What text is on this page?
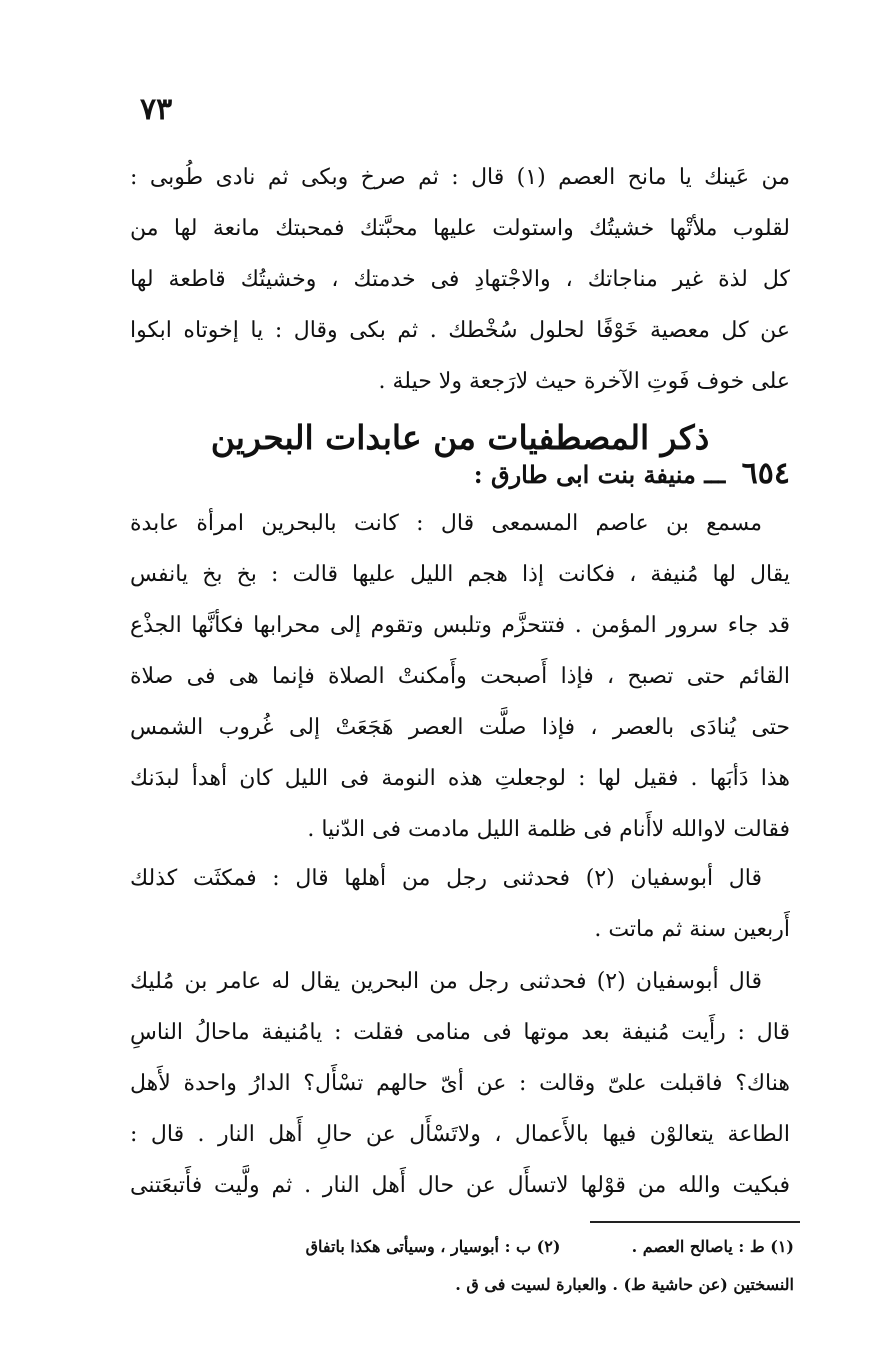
٧٣
من عَينك يا مانح العصم (١) قال : ثم صرخ وبكى ثم نادى طُوبى :
لقلوب ملأتْها خشيتُك واستولت عليها محبَّتك فمحبتك مانعة لها من
كل لذة غير مناجاتك ، والاجْتهادِ فى خدمتك ، وخشيتُك قاطعة لها
عن كل معصية خَوْفًا لحلول سُخْطك . ثم بكى وقال : يا إخوتاه ابكوا
على خوف فَوتِ الآخرة حيث لارَجعة ولا حيلة .
ذكر المصطفيات من عابدات البحرين
٦٥٤ ـــ منيفة بنت ابى طارق :
مسمع بن عاصم المسمعى قال : كانت بالبحرين امرأة عابدة
يقال لها مُنيفة ، فكانت إذا هجم الليل عليها قالت : بخ بخ يانفس
قد جاء سرور المؤمن . فتتحزَّم وتلبس وتقوم إلى محرابها فكأنَّها الجذْع
القائم حتى تصبح ، فإذا أَصبحت وأَمكنتْ الصلاة فإنما هى فى صلاة
حتى يُنادَى بالعصر ، فإذا صلَّت العصر هَجَعَتْ إلى غُروب الشمس
هذا دَأبَها . فقيل لها : لوجعلتِ هذه النومة فى الليل كان أهدأ لبدَنك
فقالت لاوالله لاأَنام فى ظلمة الليل مادمت فى الدّنيا .
قال أبوسفيان (٢) فحدثنى رجل من أهلها قال : فمكثَت كذلك
أَربعين سنة ثم ماتت .
قال أبوسفيان (٢) فحدثنى رجل من البحرين يقال له عامر بن مُليك
قال : رأَيت مُنيفة بعد موتها فى منامى فقلت : يامُنيفة ماحالُ الناسِ
هناك؟ فاقبلت علىّ وقالت : عن أىّ حالهم تسْأَل؟ الدارُ واحدة لأَهل
الطاعة يتعالوْن فيها بالأَعمال ، ولاتَسْأَل عن حالِ أَهل النار . قال :
فبكيت والله من قوْلها لاتسأَل عن حال أَهل النار . ثم ولَّيت فأَتبعَتنى
(١) ط : ياصالح العصم .  (٢) ب : أبوسيار ، وسيأتى هكذا باتفاق
النسختين (عن حاشية ط) . والعبارة لسيت فى ق .
